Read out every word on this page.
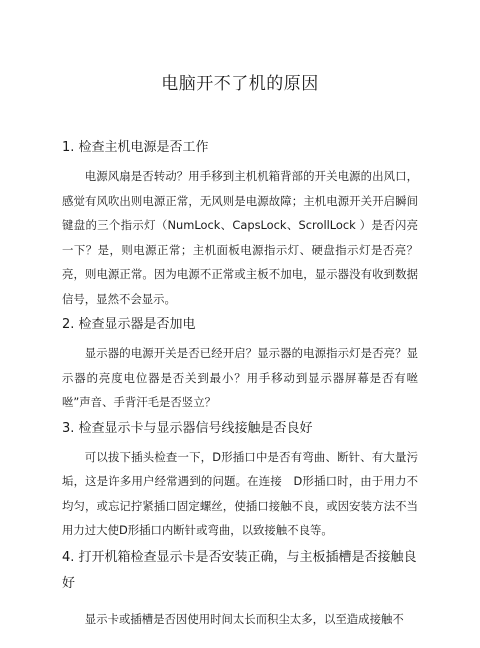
电脑开不了机的原因

1. 检查主机电源是否工作

电源风扇是否转动？用手移到主机机箱背部的开关电源的出风口，感觉有风吹出则电源正常，无风则是电源故障；主机电源开关开启瞬间键盘的三个指示灯（NumLock、CapsLock、ScrollLock ）是否闪亮一下？是，则电源正常；主机面板电源指示灯、硬盘指示灯是否亮？亮，则电源正常。因为电源不正常或主板不加电，显示器没有收到数据信号，显然不会显示。

2. 检查显示器是否加电

显示器的电源开关是否已经开启？显示器的电源指示灯是否亮？显示器的亮度电位器是否关到最小？用手移动到显示器屏幕是否有咝咝”声音、手背汗毛是否竖立？

3. 检查显示卡与显示器信号线接触是否良好

可以拔下插头检查一下，D形插口中是否有弯曲、断针、有大量污垢，这是许多用户经常遇到的问题。在连接　D形插口时，由于用力不均匀，或忘记拧紧插口固定螺丝，使插口接触不良，或因安装方法不当用力过大使D形插口内断针或弯曲，以致接触不良等。

4. 打开机箱检查显示卡是否安装正确，与主板插槽是否接触良好

显示卡或插槽是否因使用时间太长而积尘太多，以至造成接触不
